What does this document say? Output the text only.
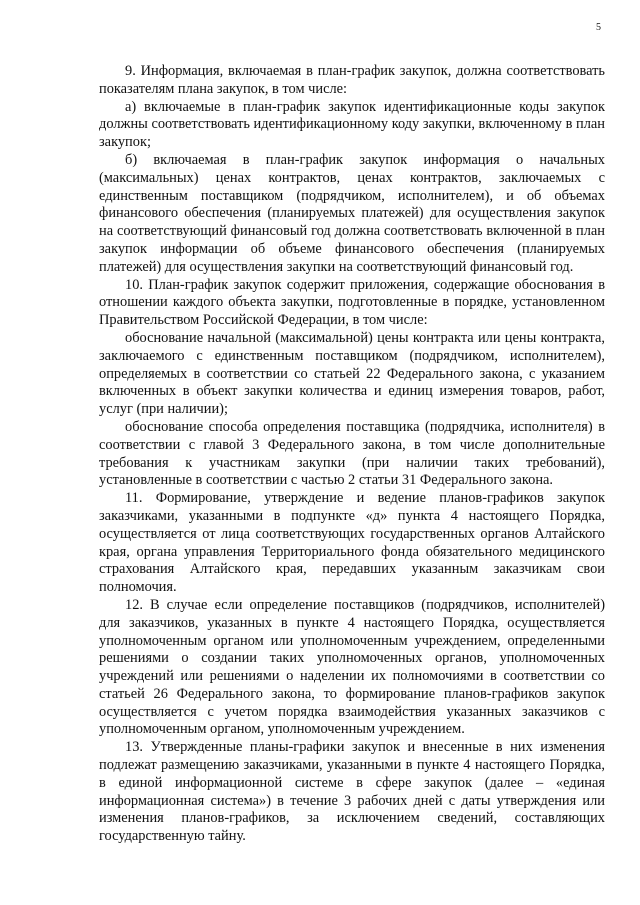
5

9. Информация, включаемая в план-график закупок, должна соответствовать показателям плана закупок, в том числе:

а) включаемые в план-график закупок идентификационные коды закупок должны соответствовать идентификационному коду закупки, включенному в план закупок;

б) включаемая в план-график закупок информация о начальных (максимальных) ценах контрактов, ценах контрактов, заключаемых с единственным поставщиком (подрядчиком, исполнителем), и об объемах финансового обеспечения (планируемых платежей) для осуществления закупок на соответствующий финансовый год должна соответствовать включенной в план закупок информации об объеме финансового обеспечения (планируемых платежей) для осуществления закупки на соответствующий финансовый год.

10. План-график закупок содержит приложения, содержащие обоснования в отношении каждого объекта закупки, подготовленные в порядке, установленном Правительством Российской Федерации, в том числе:

обоснование начальной (максимальной) цены контракта или цены контракта, заключаемого с единственным поставщиком (подрядчиком, исполнителем), определяемых в соответствии со статьей 22 Федерального закона, с указанием включенных в объект закупки количества и единиц измерения товаров, работ, услуг (при наличии);

обоснование способа определения поставщика (подрядчика, исполнителя) в соответствии с главой 3 Федерального закона, в том числе дополнительные требования к участникам закупки (при наличии таких требований), установленные в соответствии с частью 2 статьи 31 Федерального закона.

11. Формирование, утверждение и ведение планов-графиков закупок заказчиками, указанными в подпункте «д» пункта 4 настоящего Порядка, осуществляется от лица соответствующих государственных органов Алтайского края, органа управления Территориального фонда обязательного медицинского страхования Алтайского края, передавших указанным заказчикам свои полномочия.

12. В случае если определение поставщиков (подрядчиков, исполнителей) для заказчиков, указанных в пункте 4 настоящего Порядка, осуществляется уполномоченным органом или уполномоченным учреждением, определенными решениями о создании таких уполномоченных органов, уполномоченных учреждений или решениями о наделении их полномочиями в соответствии со статьей 26 Федерального закона, то формирование планов-графиков закупок осуществляется с учетом порядка взаимодействия указанных заказчиков с уполномоченным органом, уполномоченным учреждением.

13. Утвержденные планы-графики закупок и внесенные в них изменения подлежат размещению заказчиками, указанными в пункте 4 настоящего Порядка, в единой информационной системе в сфере закупок (далее – «единая информационная система») в течение 3 рабочих дней с даты утверждения или изменения планов-графиков, за исключением сведений, составляющих государственную тайну.
